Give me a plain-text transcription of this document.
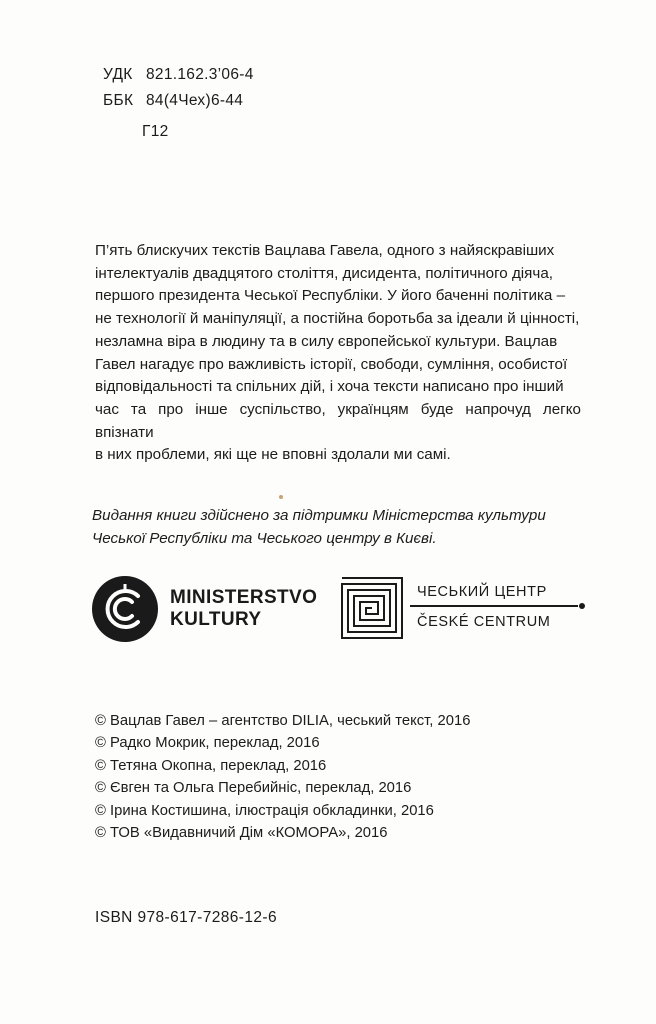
УДК 821.162.3’06-4
ББК 84(4Чех)6-44
Г12

П’ять блискучих текстів Вацлава Гавела, одного з найяскравіших

інтелектуалів двадцятого століття, дисидента, політичного діяча,

першого президента Чеської Республіки. У його баченні політика –

не технології й маніпуляції, а постійна боротьба за ідеали й цінності,

незламна віра в людину та в силу європейської культури. Вацлав

Гавел нагадує про важливість історії, свободи, сумління, особистої

відповідальності та спільних дій, і хоча тексти написано про інший

час та про інше суспільство, українцям буде напрочуд легко впізнати

в них проблеми, які ще не вповні здолали ми самі.

Видання книги здійснено за підтримки Міністерства культури
Чеської Республіки та Чеського центру в Києві.
MINISTERSTVO
KULTURY
ЧЕСЬКИЙ ЦЕНТР
ČESKÉ CENTRUM
© Вацлав Гавел – агентство DILIA, чеський текст, 2016
© Радко Мокрик, переклад, 2016
© Тетяна Окопна, переклад, 2016
© Євген та Ольга Перебийніс, переклад, 2016
© Ірина Костишина, ілюстрація обкладинки, 2016
© ТОВ «Видавничий Дім «КОМОРА», 2016
ISBN 978-617-7286-12-6
